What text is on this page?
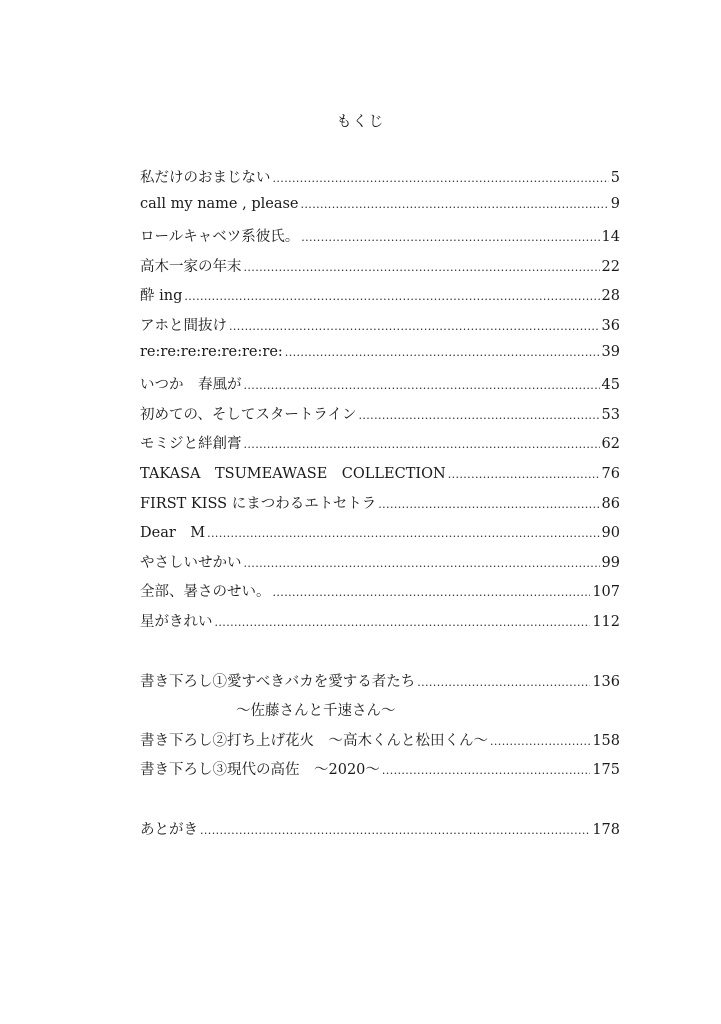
もくじ
私だけのおまじない .....	5
call my name , please .....	9
ロールキャベツ系彼氏。 .....	14
高木一家の年末 .....	22
酔 ing .....	28
アホと間抜け .....	36
re:re:re:re:re:re:re: .....	39
いつか　春風が .....	45
初めての、そしてスタートライン .....	53
モミジと絆創膏 .....	62
TAKASA　TSUMEAWASE　COLLECTION .....	76
FIRST KISS にまつわるエトセトラ .....	86
Dear　M .....	90
やさしいせかい .....	99
全部、暑さのせい。 .....	107
星がきれい .....	112
書き下ろし①愛すべきバカを愛する者たち .....	136
～佐藤さんと千速さん～
書き下ろし②打ち上げ花火　～高木くんと松田くん～ .....	158
書き下ろし③現代の高佐　～2020～ .....	175
あとがき .....	178
